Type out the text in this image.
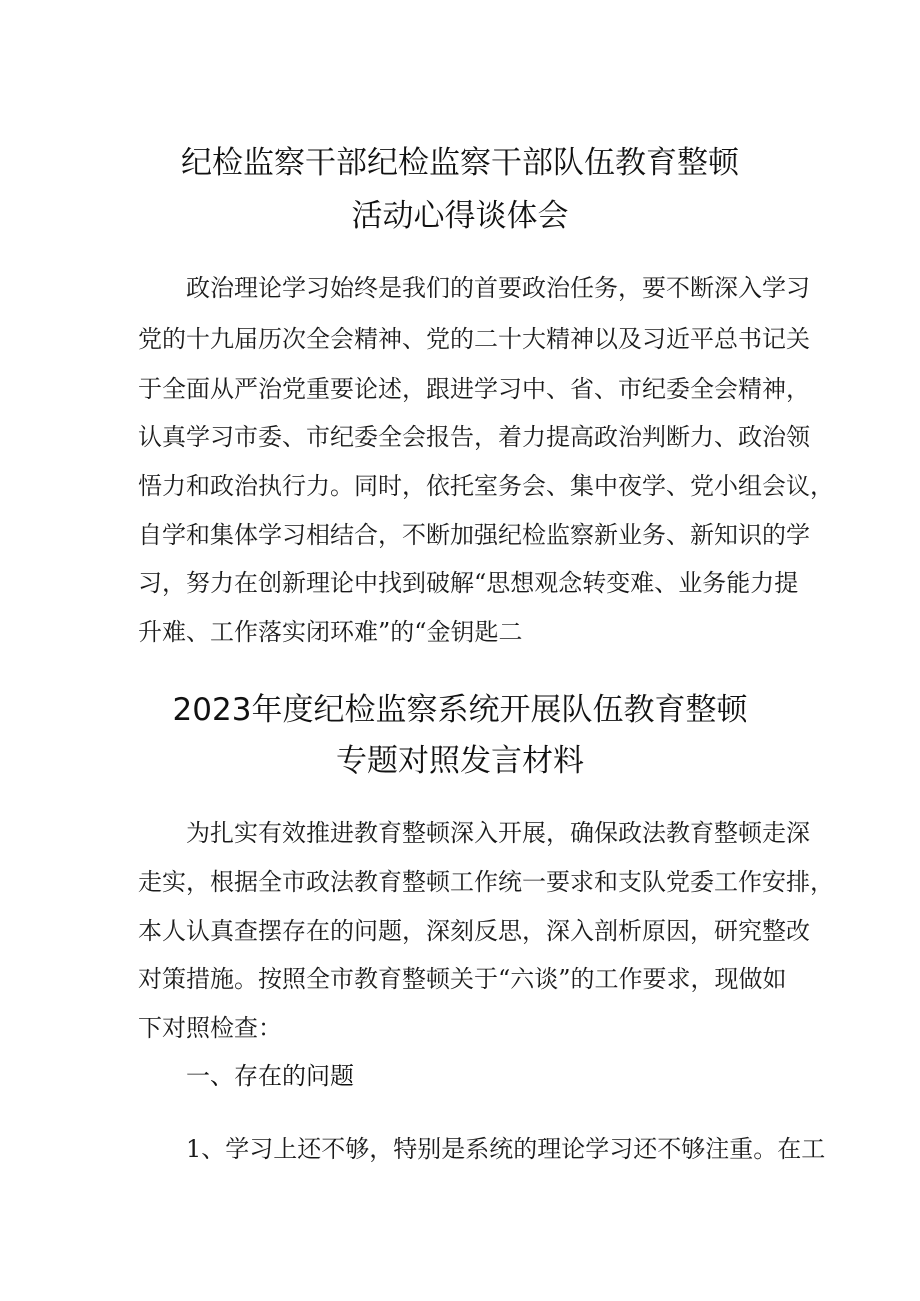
纪检监察干部纪检监察干部队伍教育整顿
活动心得谈体会
政治理论学习始终是我们的首要政治任务，要不断深入学习
党的十九届历次全会精神、党的二十大精神以及习近平总书记关
于全面从严治党重要论述，跟进学习中、省、市纪委全会精神，
认真学习市委、市纪委全会报告，着力提高政治判断力、政治领
悟力和政治执行力。同时，依托室务会、集中夜学、党小组会议，
自学和集体学习相结合，不断加强纪检监察新业务、新知识的学
习，努力在创新理论中找到破解“思想观念转变难、业务能力提
升难、工作落实闭环难”的“金钥匙二
2023年度纪检监察系统开展队伍教育整顿
专题对照发言材料
为扎实有效推进教育整顿深入开展，确保政法教育整顿走深
走实，根据全市政法教育整顿工作统一要求和支队党委工作安排，
本人认真查摆存在的问题，深刻反思，深入剖析原因，研究整改
对策措施。按照全市教育整顿关于“六谈”的工作要求，现做如
下对照检查：
一、存在的问题
1、学习上还不够，特别是系统的理论学习还不够注重。在工
